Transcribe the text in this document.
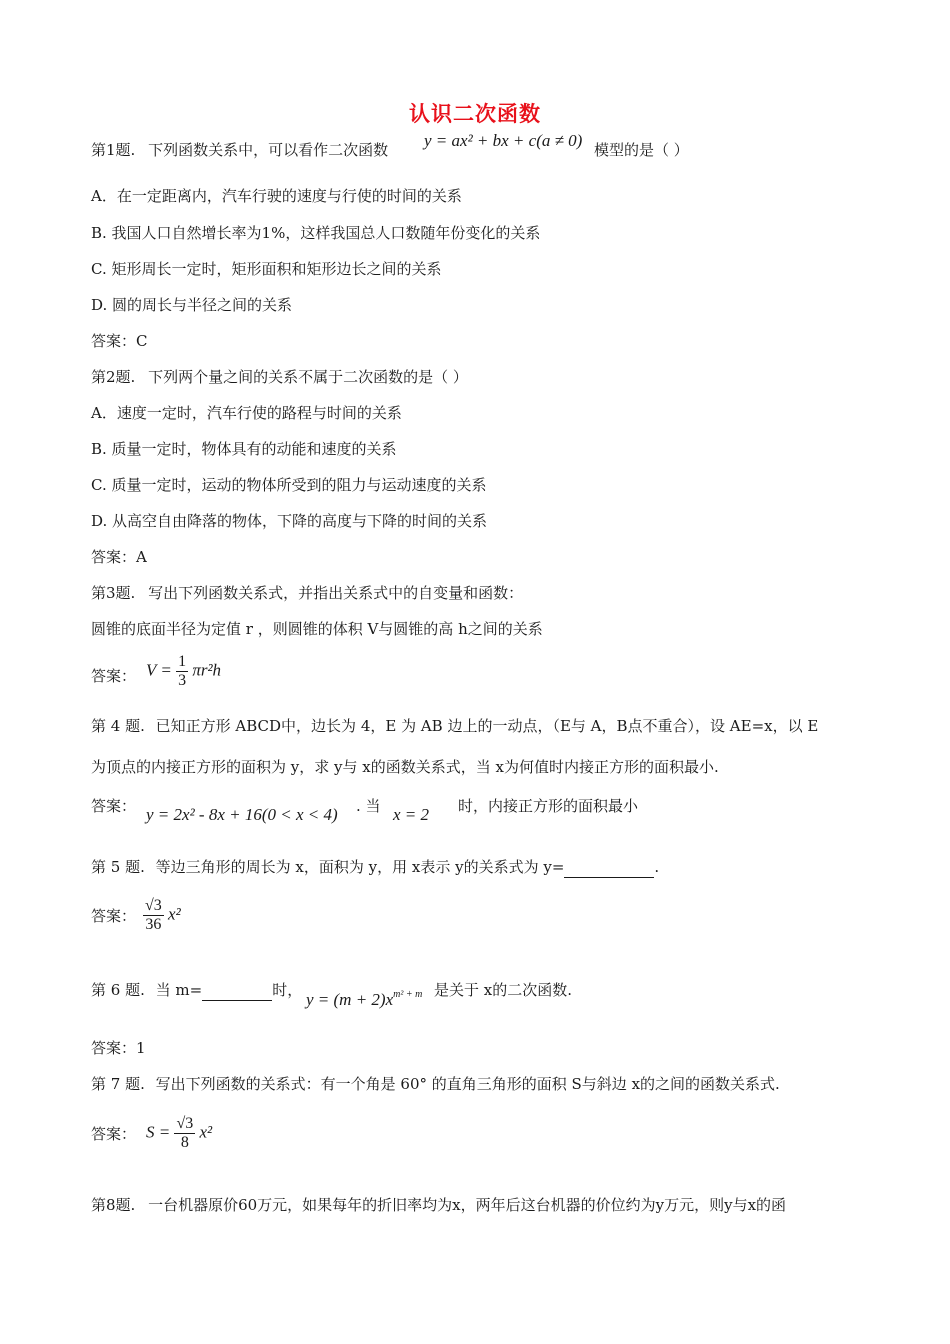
认识二次函数
第1题. 下列函数关系中，可以看作二次函数 y = ax² + bx + c(a ≠ 0) 模型的是（ ）
A．在一定距离内，汽车行驶的速度与行使的时间的关系
B. 我国人口自然增长率为1%，这样我国总人口数随年份变化的关系
C. 矩形周长一定时，矩形面积和矩形边长之间的关系
D. 圆的周长与半径之间的关系
答案：C
第2题. 下列两个量之间的关系不属于二次函数的是（ ）
A．速度一定时，汽车行使的路程与时间的关系
B. 质量一定时，物体具有的动能和速度的关系
C. 质量一定时，运动的物体所受到的阻力与运动速度的关系
D. 从高空自由降落的物体，下降的高度与下降的时间的关系
答案：A
第3题. 写出下列函数关系式，并指出关系式中的自变量和函数：
圆锥的底面半径为定值 r ，则圆锥的体积 V与圆锥的高 h之间的关系
答案： $V = \frac{1}{3} \pi r^2h$
第 4 题. 已知正方形 ABCD中，边长为 4，E 为 AB 边上的一动点，（E与 A，B点不重合），设 AE=x，以 E
为顶点的内接正方形的面积为 y，求 y与 x的函数关系式，当 x为何值时内接正方形的面积最小.
答案： y = 2x² - 8x + 16(0 < x < 4) . 当 x = 2 时，内接正方形的面积最小
第 5 题. 等边三角形的周长为 x，面积为 y，用 x表示 y的关系式为 y=	.
答案： $\frac{√3}{36} x^2$
第 6 题. 当 m=	时， $y = (m + 2)x^{m^2 + m}$ 是关于 x的二次函数.
答案：1
第 7 题. 写出下列函数的关系式：有一个角是 60° 的直角三角形的面积 S与斜边 x的之间的函数关系式.
答案： $S = \frac{√3}{8} x^2$
第8题. 一台机器原价60万元，如果每年的折旧率均为x，两年后这台机器的价位约为y万元，则y与x的函
